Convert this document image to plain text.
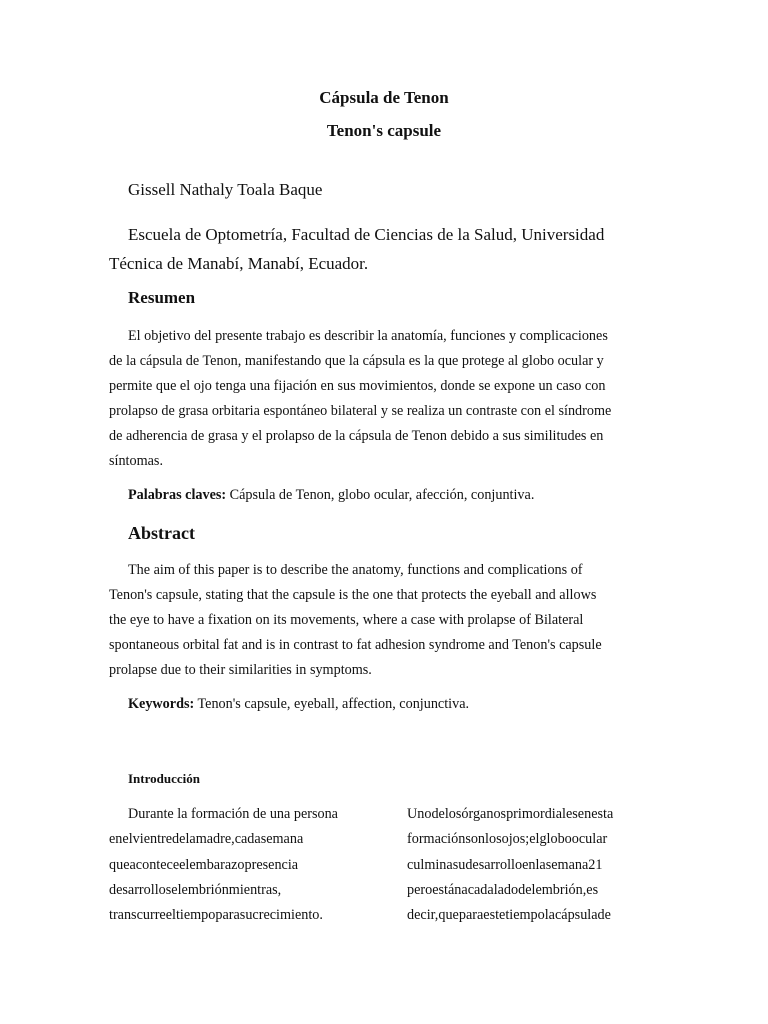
Cápsula de Tenon
Tenon's capsule
Gissell Nathaly Toala Baque
Escuela de Optometría, Facultad de Ciencias de la Salud, Universidad Técnica de Manabí, Manabí, Ecuador.
Resumen
El objetivo del presente trabajo es describir la anatomía, funciones y complicaciones
de la cápsula de Tenon, manifestando que la cápsula es la que protege al globo ocular y
permite que el ojo tenga una fijación en sus movimientos, donde se expone un caso con
prolapso de grasa orbitaria espontáneo bilateral y se realiza un contraste con el síndrome
de adherencia de grasa y el prolapso de la cápsula de Tenon debido a sus similitudes en
síntomas.
Palabras claves: Cápsula de Tenon, globo ocular, afección, conjuntiva.
Abstract
The aim of this paper is to describe the anatomy, functions and complications of
Tenon's capsule, stating that the capsule is the one that protects the eyeball and allows
the eye to have a fixation on its movements, where a case with prolapse of Bilateral
spontaneous orbital fat and is in contrast to fat adhesion syndrome and Tenon's capsule
prolapse due to their similarities in symptoms.
Keywords: Tenon's capsule, eyeball, affection, conjunctiva.
Introducción
Durante la formación de una persona
enelvientredelamadre,cadasemana
queaconteceelembarazopresencia
desarrolloselembriónmientras,
transcurreeltiempoparasucrecimiento.
Unodelosórganosprimordialesenesta
formaciónsonlosojos;elgloboocular
culminasudesarrolloenlasemana21
peroestánacadaladodelembrión,es
decir,queparaestetiempolacápsulade
